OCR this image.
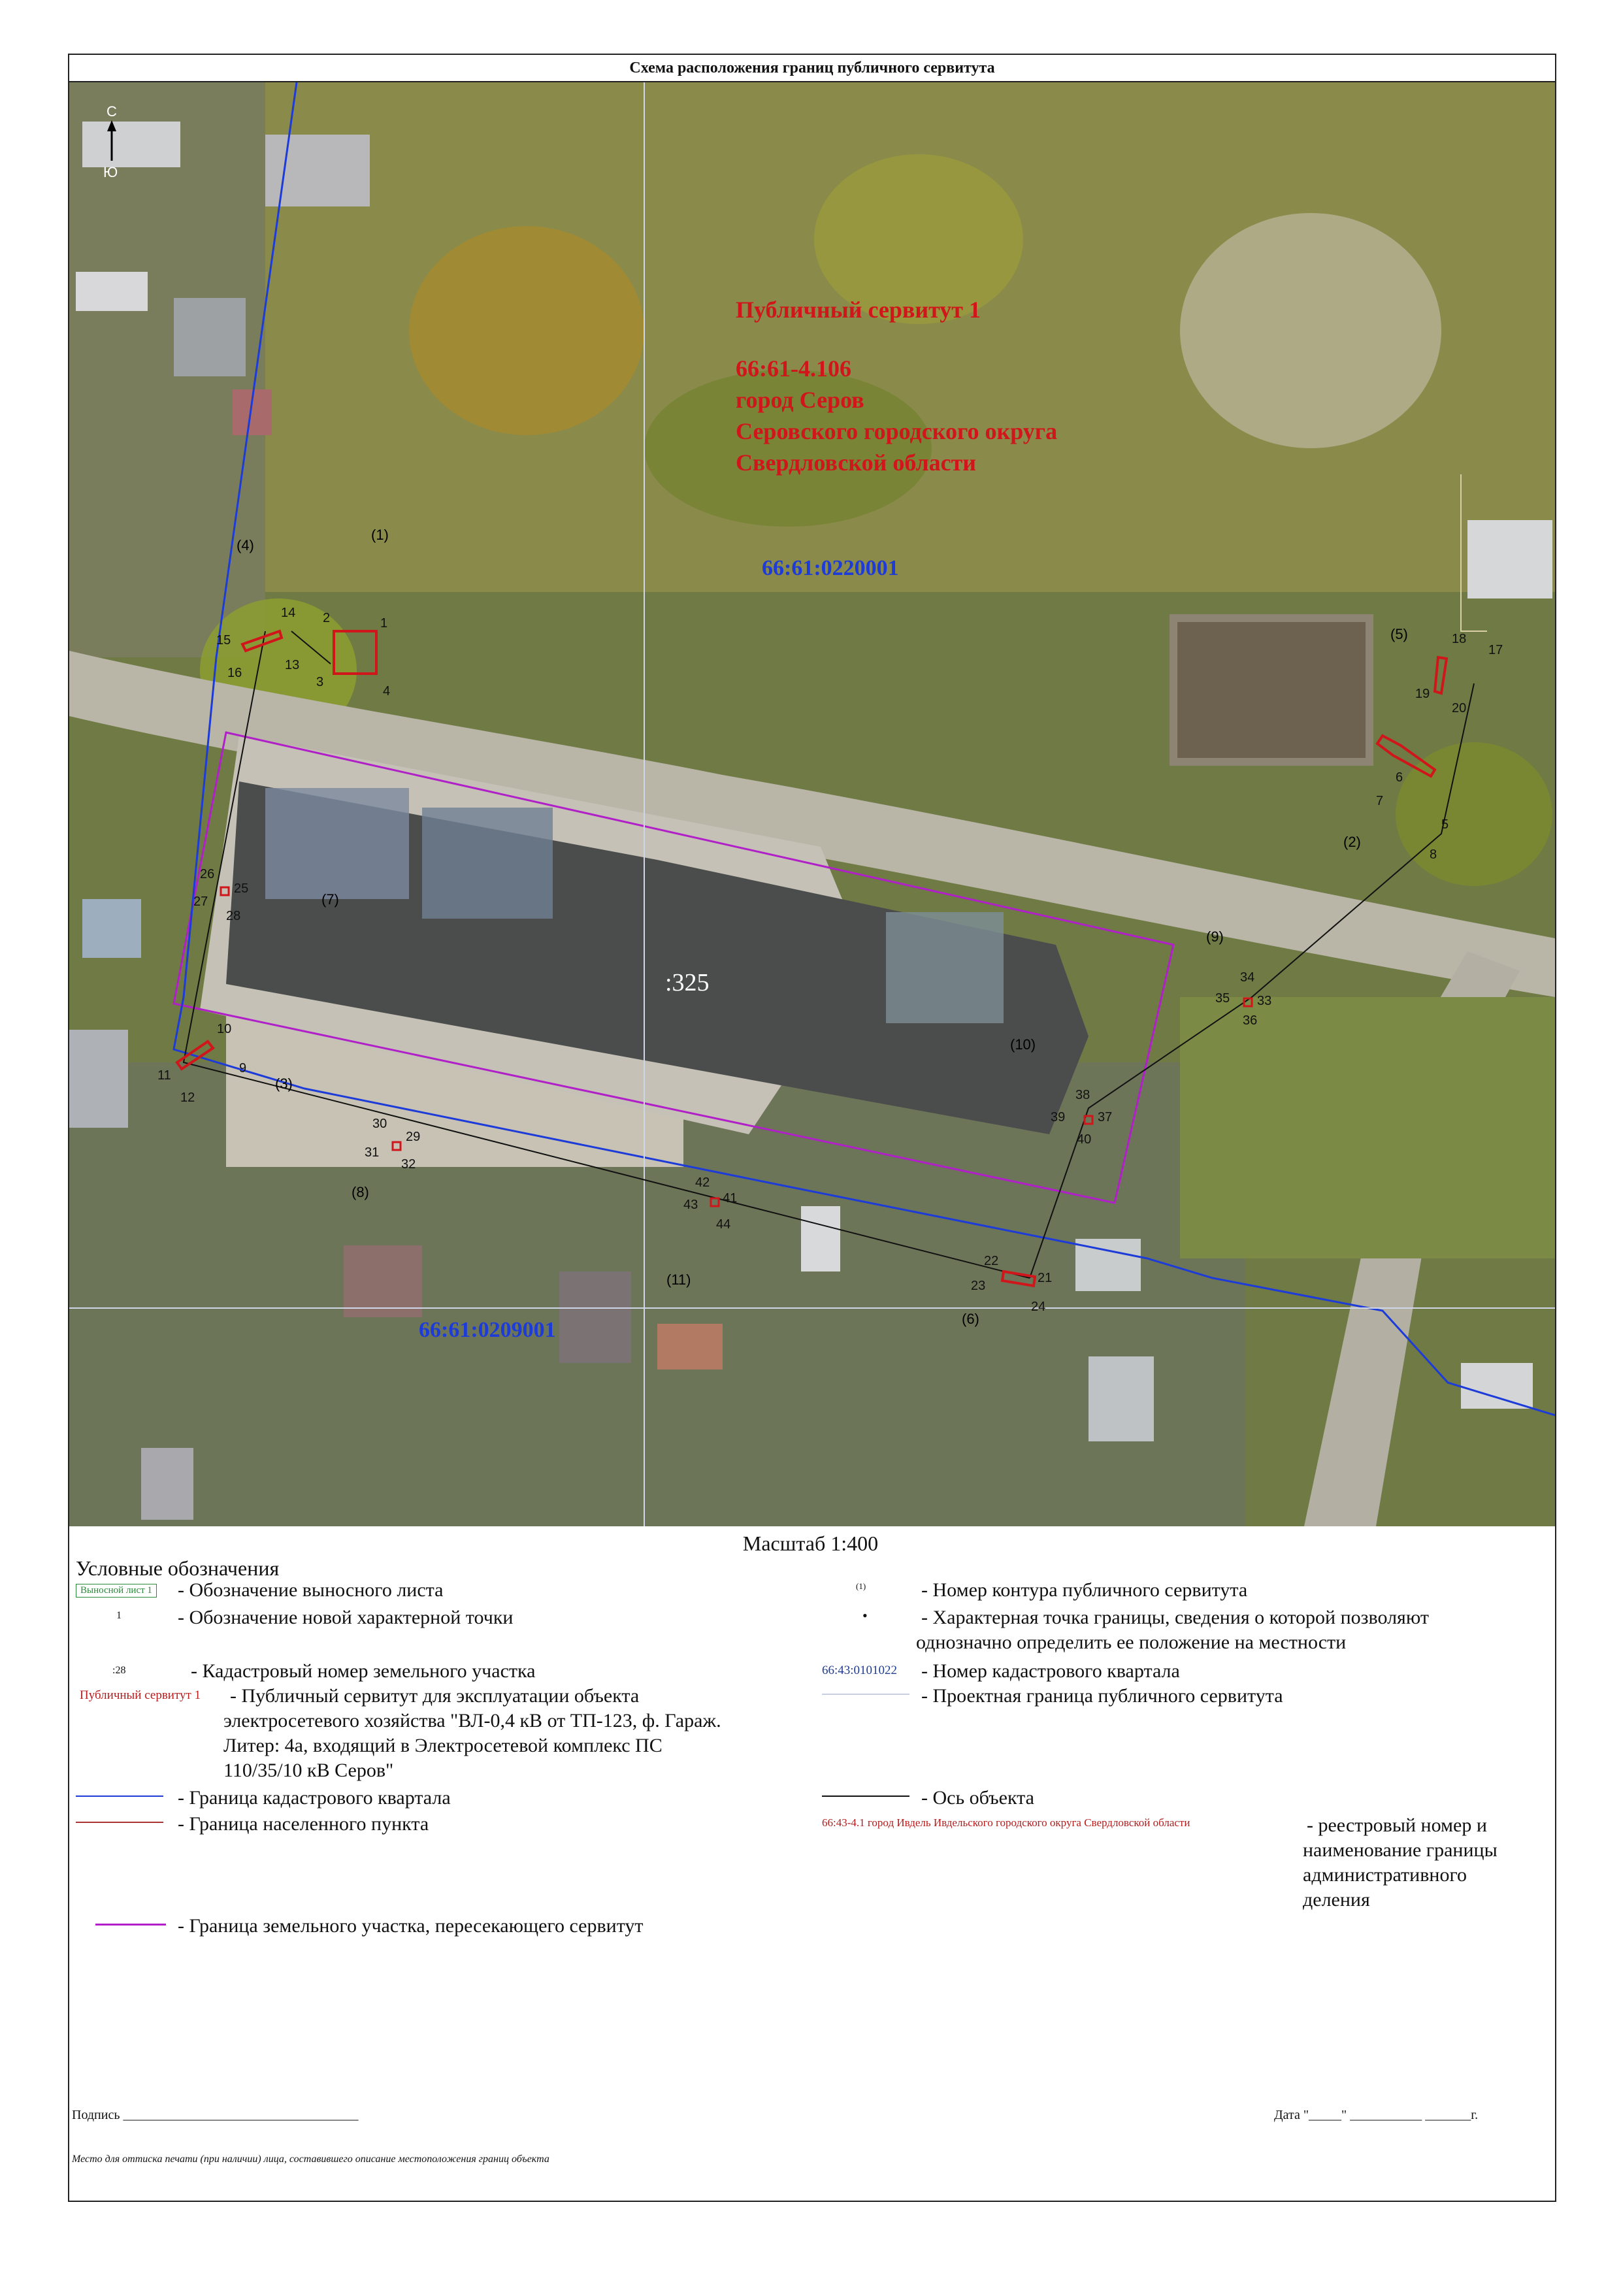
Схема расположения границ публичного сервитута
С
Ю
Публичный сервитут 1
66:61-4.106
город Серов
Серовского городского округа
Свердловской области
66:61:0220001
66:61:0209001
:325
(1)
(2)
(3)
(4)
(5)
(6)
(7)
(8)
(9)
(10)
(11)
1
2
3
4
5
6
7
8
9
10
11
12
13
14
15
16
17
18
19
20
21
22
23
24
25
26
27
28
29
30
31
32
33
34
35
36
37
38
39
40
41
42
43
44
Масштаб 1:400
Условные обозначения
Выносной лист 1 - Обозначение выносного листа
1	- Обозначение новой характерной точки
:28	- Кадастровый номер земельного участка
Публичный сервитут 1 - Публичный сервитут для эксплуатации объекта
электросетевого хозяйства "ВЛ-0,4 кВ от ТП-123, ф. Гараж.
Литер: 4а, входящий в Электросетевой комплекс ПС
110/35/10 кВ Серов"
- Граница кадастрового квартала
- Граница населенного пункта
- Граница земельного участка, пересекающего сервитут
(1)	- Номер контура публичного сервитута
•	- Характерная точка границы, сведения о которой позволяют
однозначно определить ее положение на местности
66:43:0101022 - Номер кадастрового квартала
- Проектная граница публичного сервитута
- Ось объекта
66:43-4.1 город Ивдель Ивдельского городского округа Свердловской области	- реестровый номер и
наименование границы
административного
деления
Подпись ____________________________________	Дата "_____" ___________ _______г.
Место для оттиска печати (при наличии) лица, составившего описание местоположения границ объекта
